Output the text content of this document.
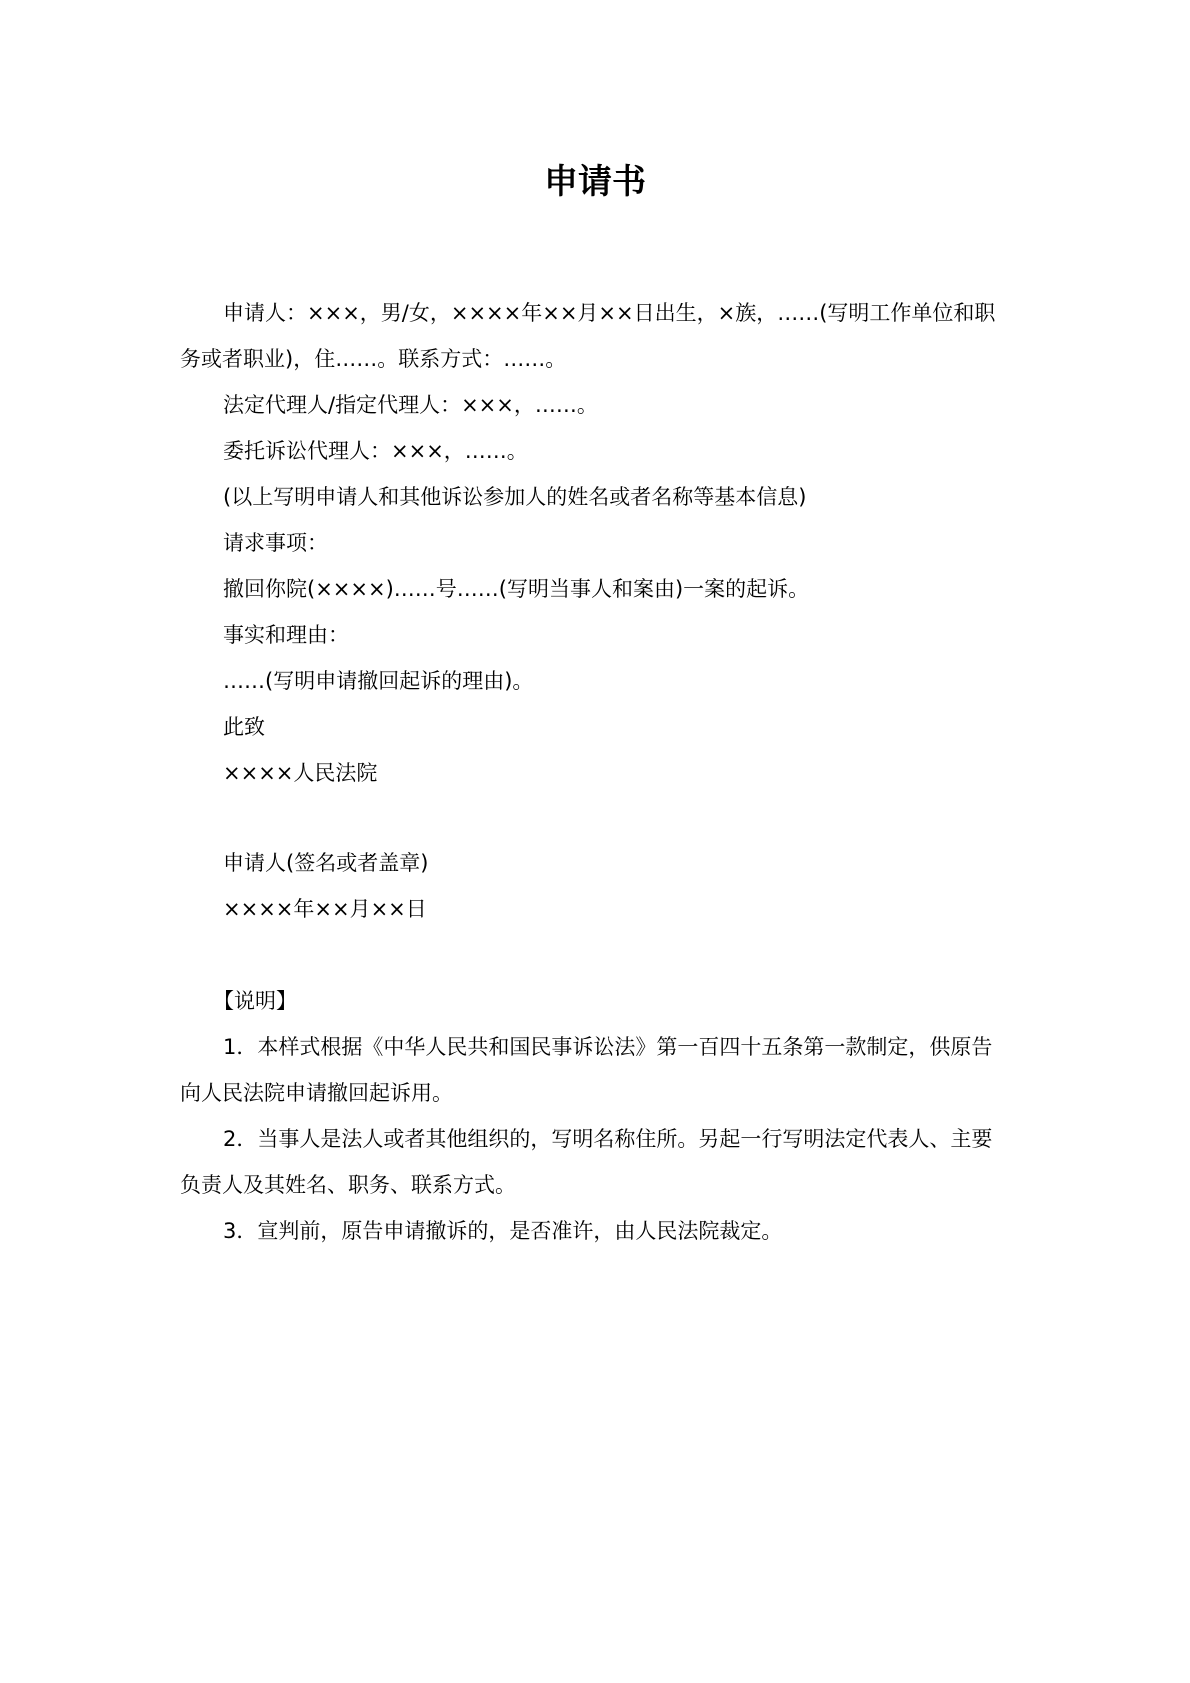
申请书

申请人：×××，男/女，××××年××月××日出生，×族，……(写明工作单位和职务或者职业)，住……。联系方式：……。

法定代理人/指定代理人：×××，……。

委托诉讼代理人：×××，……。

(以上写明申请人和其他诉讼参加人的姓名或者名称等基本信息)

请求事项：

撤回你院(××××)……号……(写明当事人和案由)一案的起诉。

事实和理由：

……(写明申请撤回起诉的理由)。

此致

××××人民法院

申请人(签名或者盖章)

××××年××月××日

【说明】

1．本样式根据《中华人民共和国民事诉讼法》第一百四十五条第一款制定，供原告向人民法院申请撤回起诉用。

2．当事人是法人或者其他组织的，写明名称住所。另起一行写明法定代表人、主要负责人及其姓名、职务、联系方式。

3．宣判前，原告申请撤诉的，是否准许，由人民法院裁定。
